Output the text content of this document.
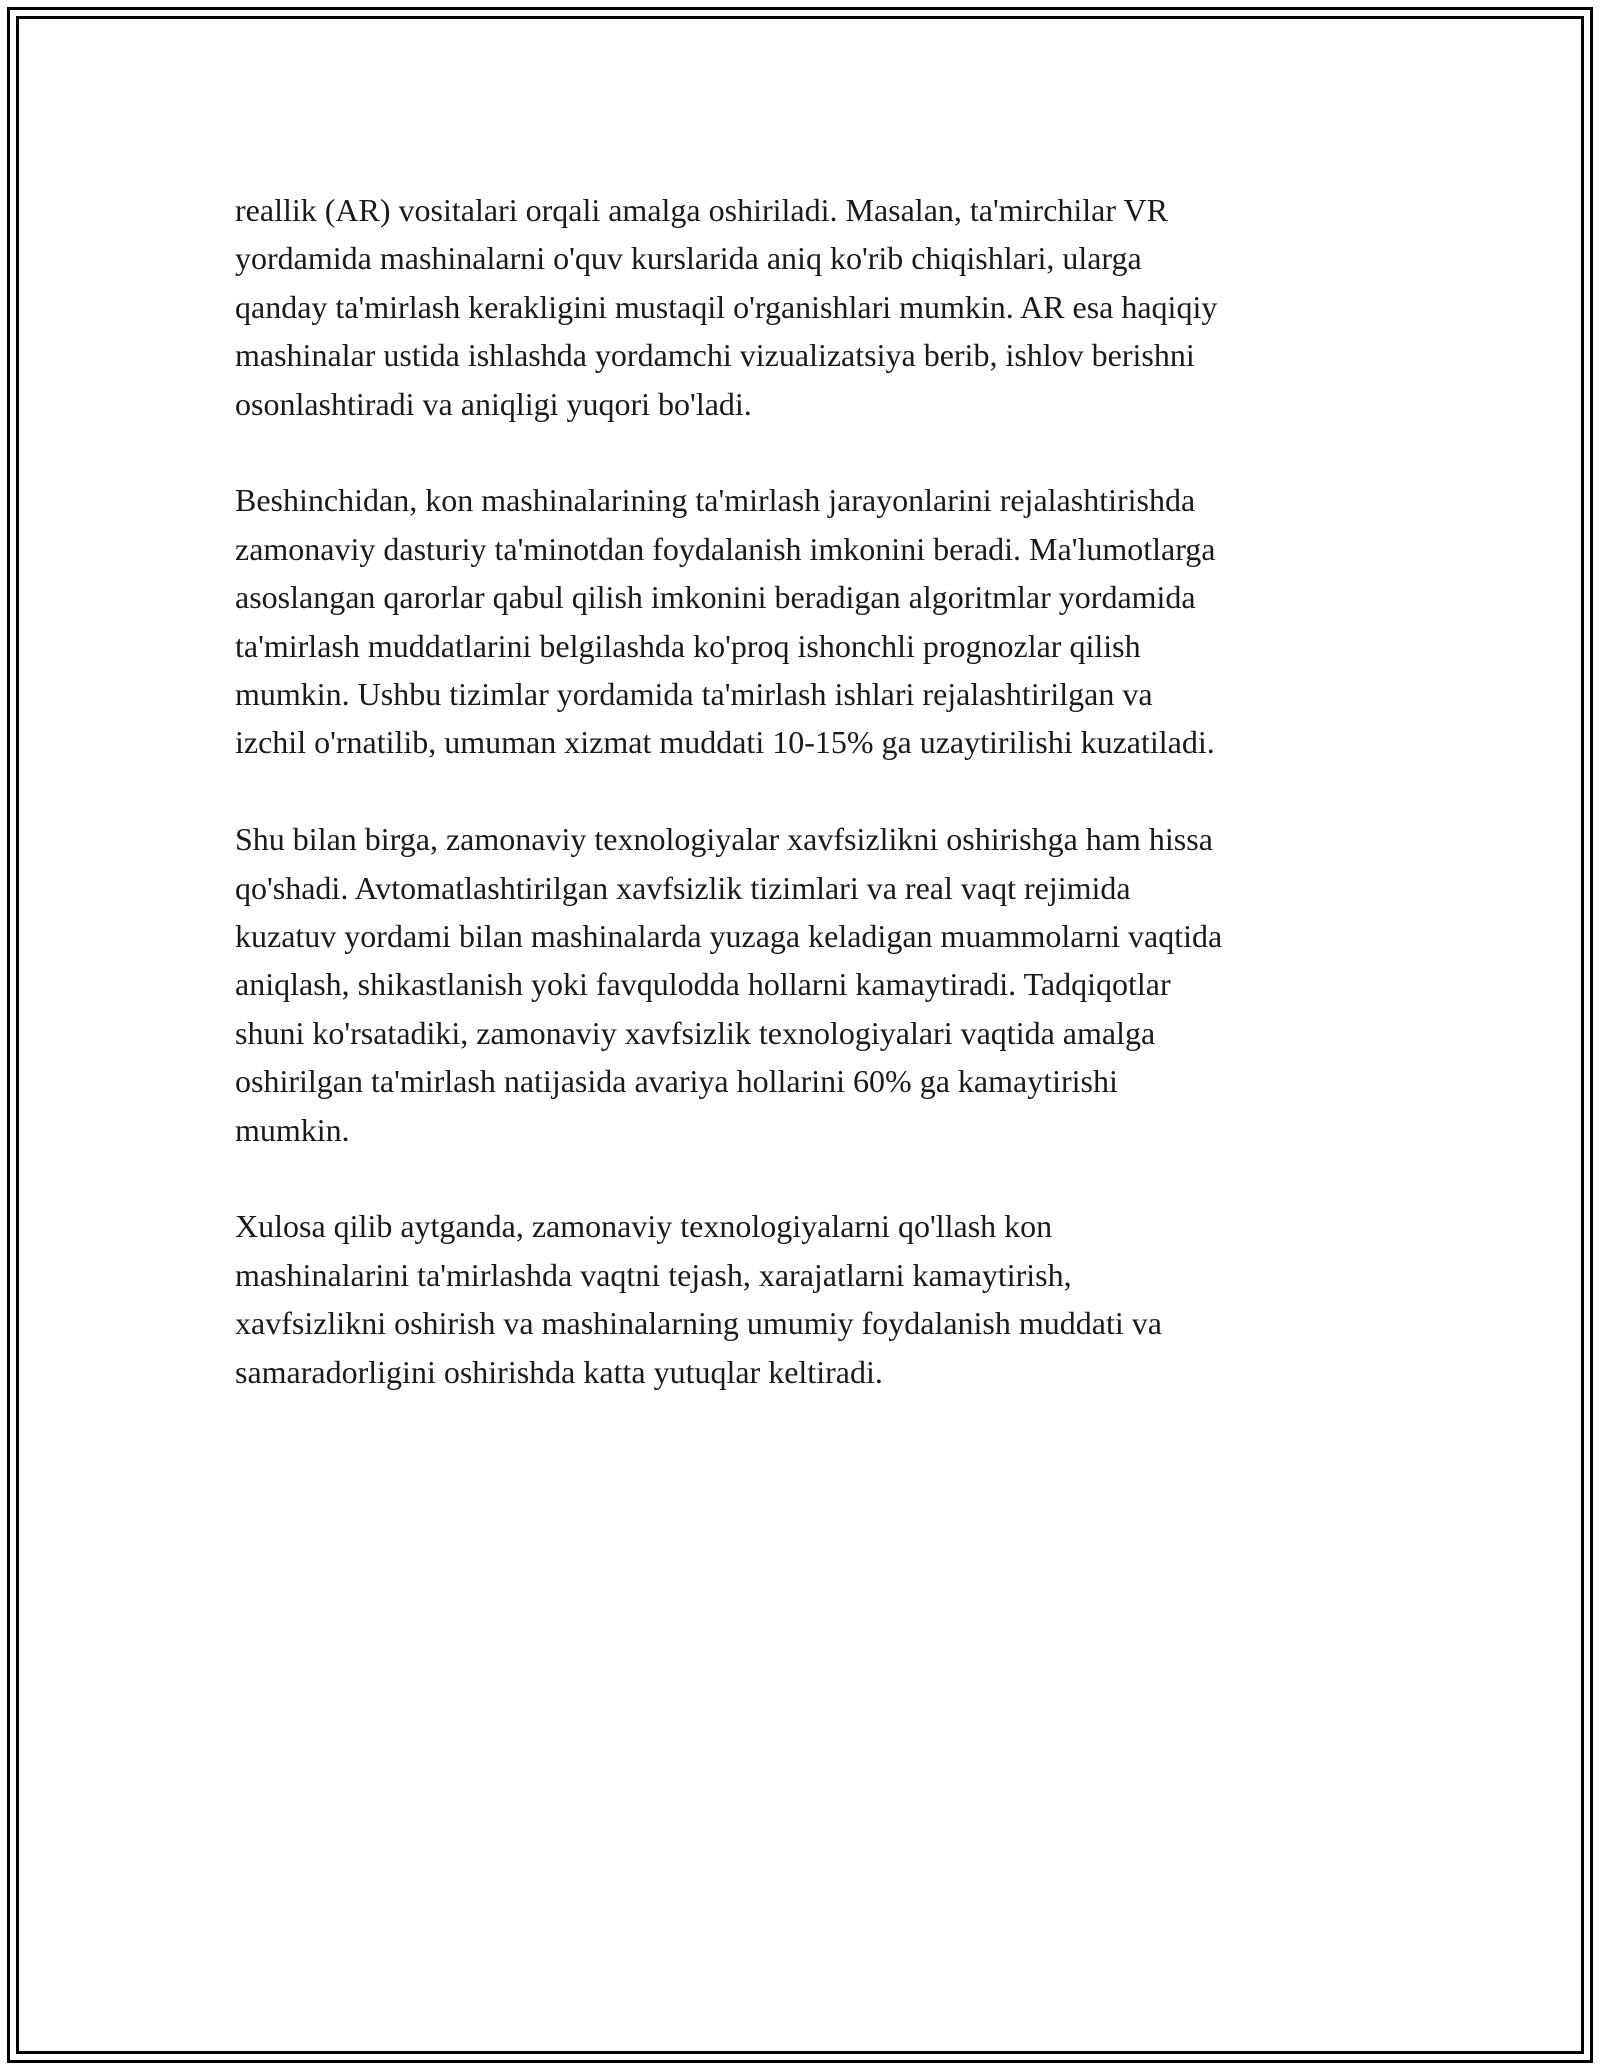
reallik (AR) vositalari orqali amalga oshiriladi. Masalan, ta'mirchilar VR
yordamida mashinalarni o'quv kurslarida aniq ko'rib chiqishlari, ularga
qanday ta'mirlash kerakligini mustaqil o'rganishlari mumkin. AR esa haqiqiy
mashinalar ustida ishlashda yordamchi vizualizatsiya berib, ishlov berishni
osonlashtiradi va aniqligi yuqori bo'ladi.

Beshinchidan, kon mashinalarining ta'mirlash jarayonlarini rejalashtirishda
zamonaviy dasturiy ta'minotdan foydalanish imkonini beradi. Ma'lumotlarga
asoslangan qarorlar qabul qilish imkonini beradigan algoritmlar yordamida
ta'mirlash muddatlarini belgilashda ko'proq ishonchli prognozlar qilish
mumkin. Ushbu tizimlar yordamida ta'mirlash ishlari rejalashtirilgan va
izchil o'rnatilib, umuman xizmat muddati 10-15% ga uzaytirilishi kuzatiladi.

Shu bilan birga, zamonaviy texnologiyalar xavfsizlikni oshirishga ham hissa
qo'shadi. Avtomatlashtirilgan xavfsizlik tizimlari va real vaqt rejimida
kuzatuv yordami bilan mashinalarda yuzaga keladigan muammolarni vaqtida
aniqlash, shikastlanish yoki favqulodda hollarni kamaytiradi. Tadqiqotlar
shuni ko'rsatadiki, zamonaviy xavfsizlik texnologiyalari vaqtida amalga
oshirilgan ta'mirlash natijasida avariya hollarini 60% ga kamaytirishi
mumkin.

Xulosa qilib aytganda, zamonaviy texnologiyalarni qo'llash kon
mashinalarini ta'mirlashda vaqtni tejash, xarajatlarni kamaytirish,
xavfsizlikni oshirish va mashinalarning umumiy foydalanish muddati va
samaradorligini oshirishda katta yutuqlar keltiradi.
